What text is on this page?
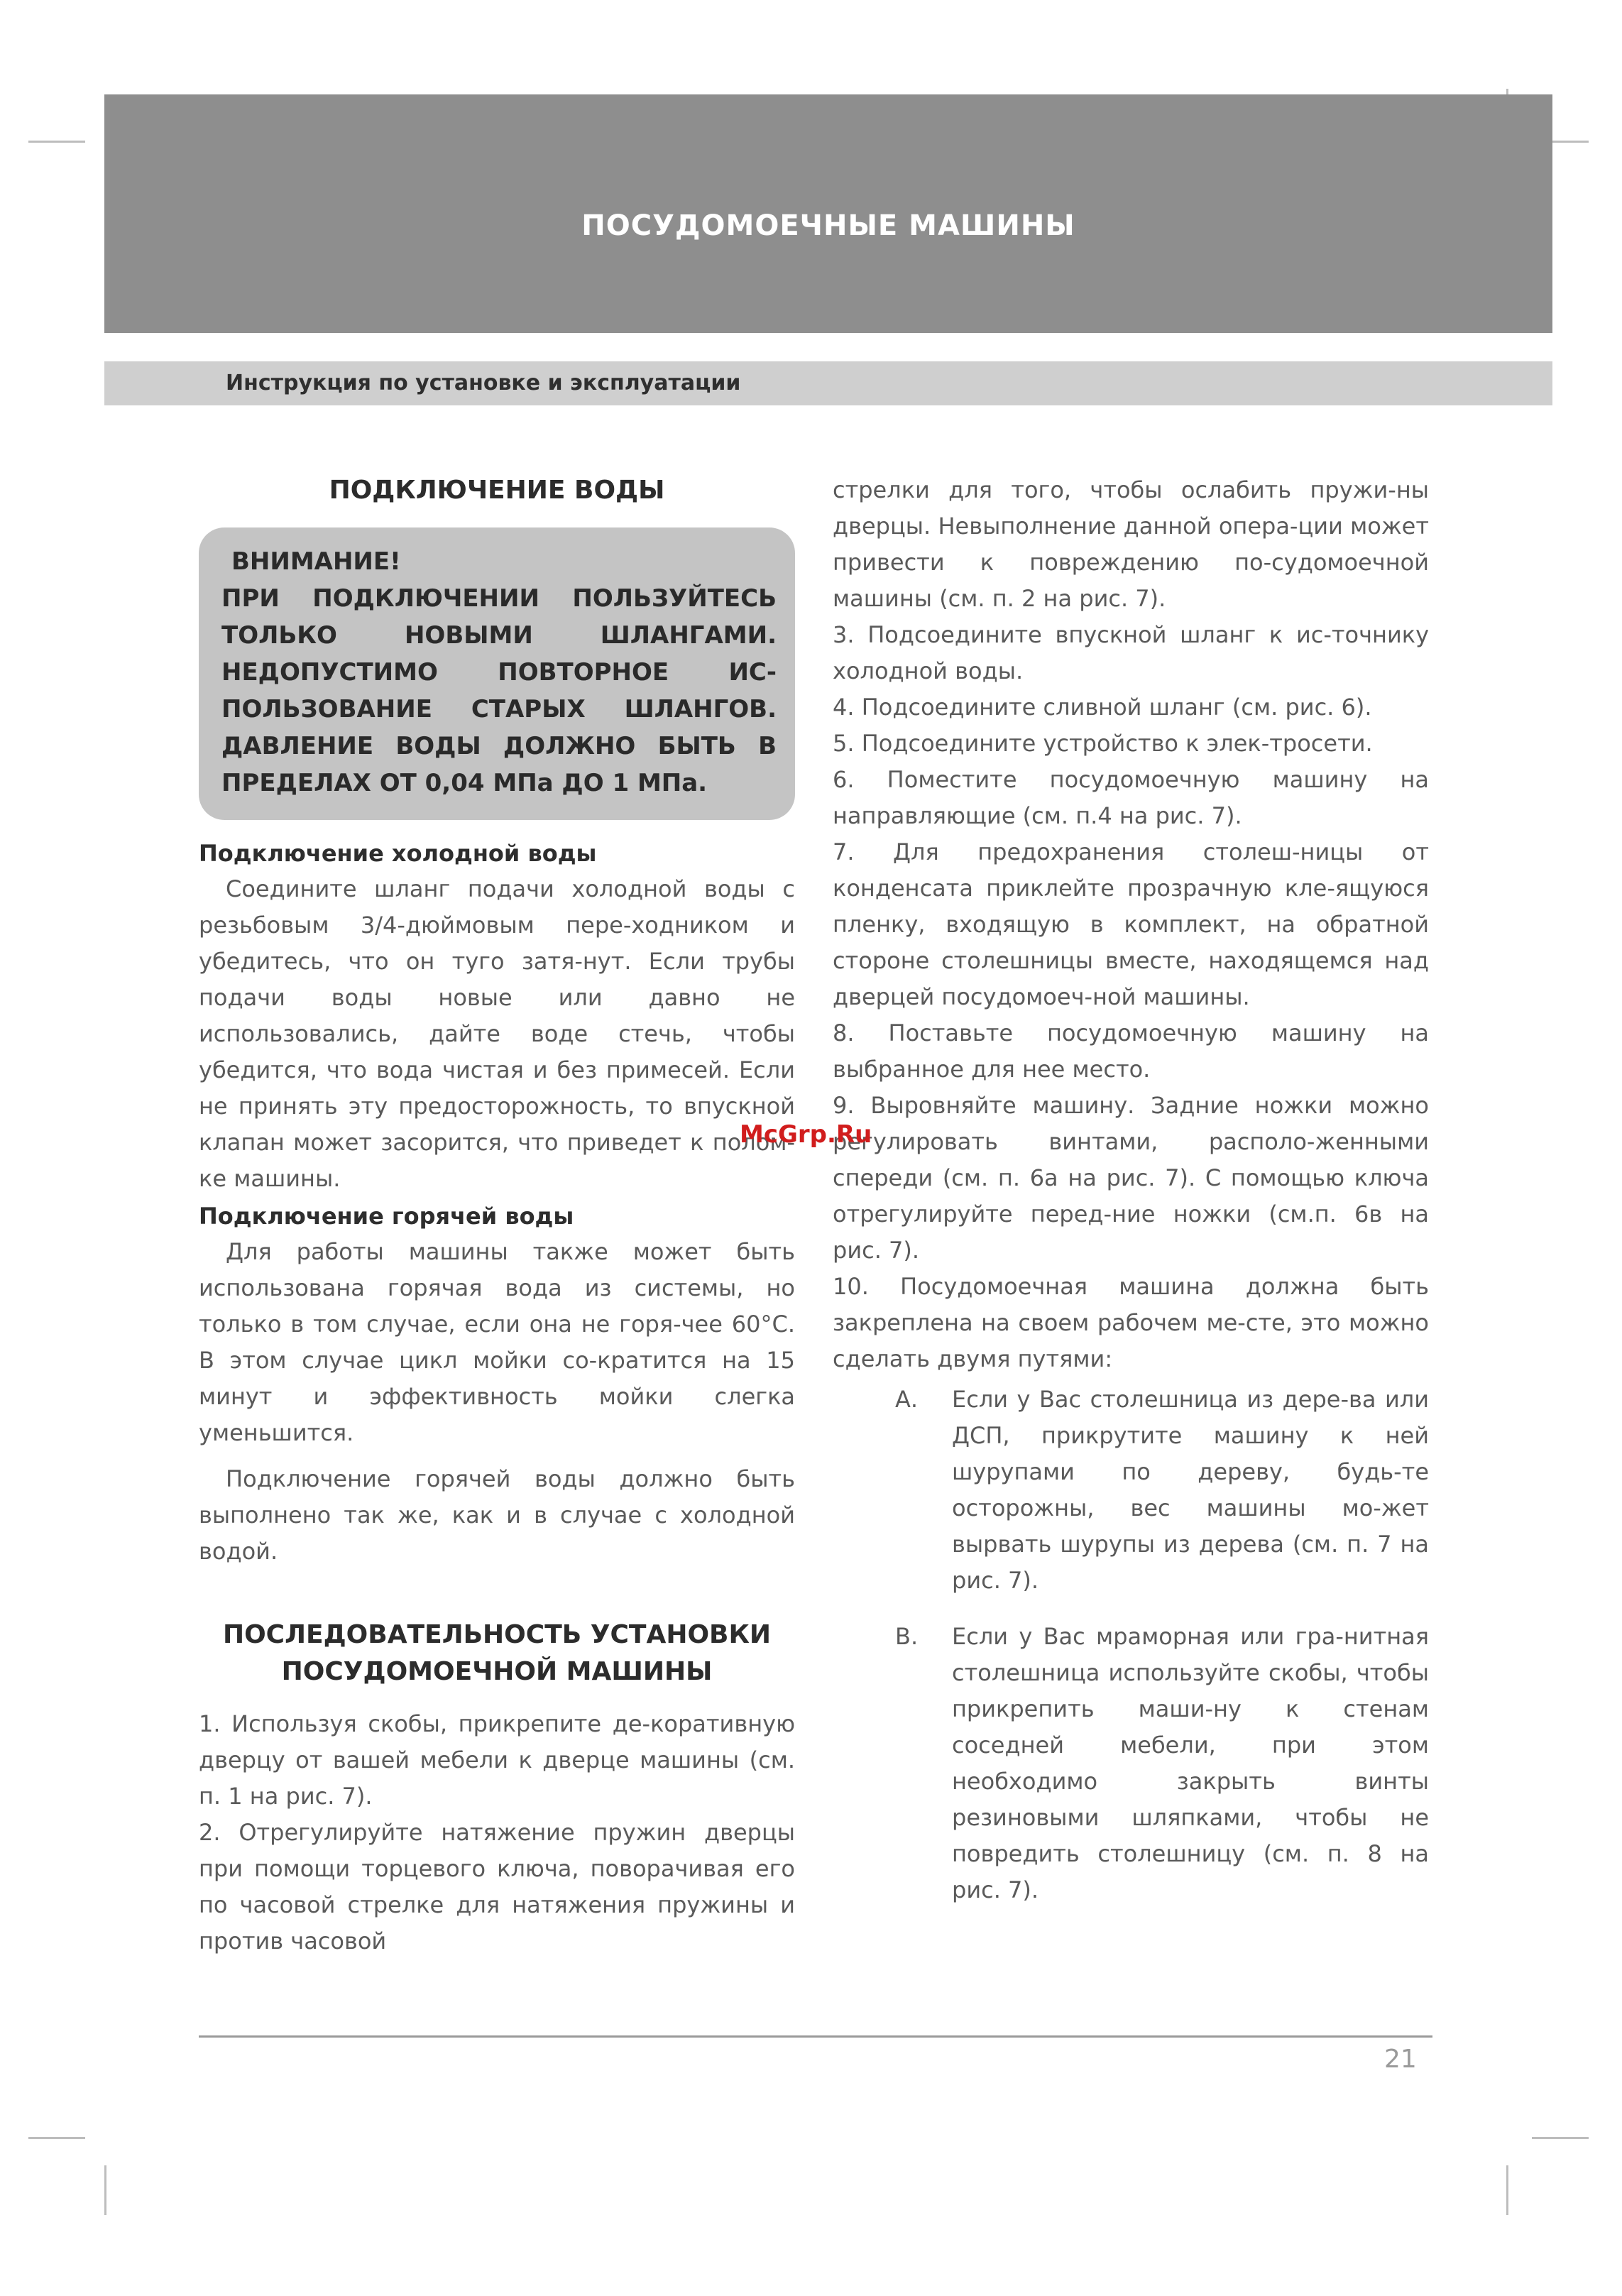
ПОСУДОМОЕЧНЫЕ МАШИНЫ
Инструкция по установке и эксплуатации
ПОДКЛЮЧЕНИЕ ВОДЫ
ВНИМАНИЕ!
ПРИ ПОДКЛЮЧЕНИИ ПОЛЬЗУЙТЕСЬ ТОЛЬКО НОВЫМИ ШЛАНГАМИ. НЕДОПУСТИМО ПОВТОРНОЕ ИС-ПОЛЬЗОВАНИЕ СТАРЫХ ШЛАНГОВ. ДАВЛЕНИЕ ВОДЫ ДОЛЖНО БЫТЬ В ПРЕДЕЛАХ ОТ 0,04 МПа ДО 1 МПа.
Подключение холодной воды

Соедините шланг подачи холодной воды с резьбовым 3/4-дюймовым пере-ходником и убедитесь, что он туго затя-нут. Если трубы подачи воды новые или давно не использовались, дайте воде стечь, чтобы убедится, что вода чистая и без примесей. Если не принять эту предосторожность, то впускной клапан может засорится, что приведет к полом-ке машины.

Подключение горячей воды

Для работы машины также может быть использована горячая вода из системы, но только в том случае, если она не горя-чее 60°С. В этом случае цикл мойки со-кратится на 15 минут и эффективность мойки слегка уменьшится.

Подключение горячей воды должно быть выполнено так же, как и в случае с холодной водой.

ПОСЛЕДОВАТЕЛЬНОСТЬ УСТАНОВКИ
ПОСУДОМОЕЧНОЙ МАШИНЫ

1. Используя скобы, прикрепите де-коративную дверцу от вашей мебели к дверце машины (см. п. 1 на рис. 7).

2. Отрегулируйте натяжение пружин дверцы при помощи торцевого ключа, поворачивая его по часовой стрелке для натяжения пружины и против часовой

стрелки для того, чтобы ослабить пружи-ны дверцы. Невыполнение данной опера-ции может привести к повреждению по-судомоечной машины (см. п. 2 на рис. 7).

3. Подсоедините впускной шланг к ис-точнику холодной воды.

4. Подсоедините сливной шланг (см. рис. 6).

5. Подсоедините устройство к элек-тросети.

6. Поместите посудомоечную машину на направляющие (см. п.4 на рис. 7).

7. Для предохранения столеш-ницы от конденсата приклейте прозрачную кле-ящуюся пленку, входящую в комплект, на обратной стороне столешницы вместе, находящемся над дверцей посудомоеч-ной машины.

8. Поставьте посудомоечную машину на выбранное для нее место.

9. Выровняйте машину. Задние ножки можно регулировать винтами, располо-женными спереди (см. п. 6а на рис. 7). С помощью ключа отрегулируйте перед-ние ножки (см.п. 6в на рис. 7).

10. Посудомоечная машина должна быть закреплена на своем рабочем ме-сте, это можно сделать двумя путями:

А.	Если у Вас столешница из дере-ва или ДСП, прикрутите машину к ней шурупами по дереву, будь-те осторожны, вес машины мо-жет вырвать шурупы из дерева (см. п. 7 на рис. 7).
В.	Если у Вас мраморная или гра-нитная столешница используйте скобы, чтобы прикрепить маши-ну к стенам соседней мебели, при этом необходимо закрыть винты резиновыми шляпками, чтобы не повредить столешницу (см. п. 8 на рис. 7).
McGrp.Ru
21
